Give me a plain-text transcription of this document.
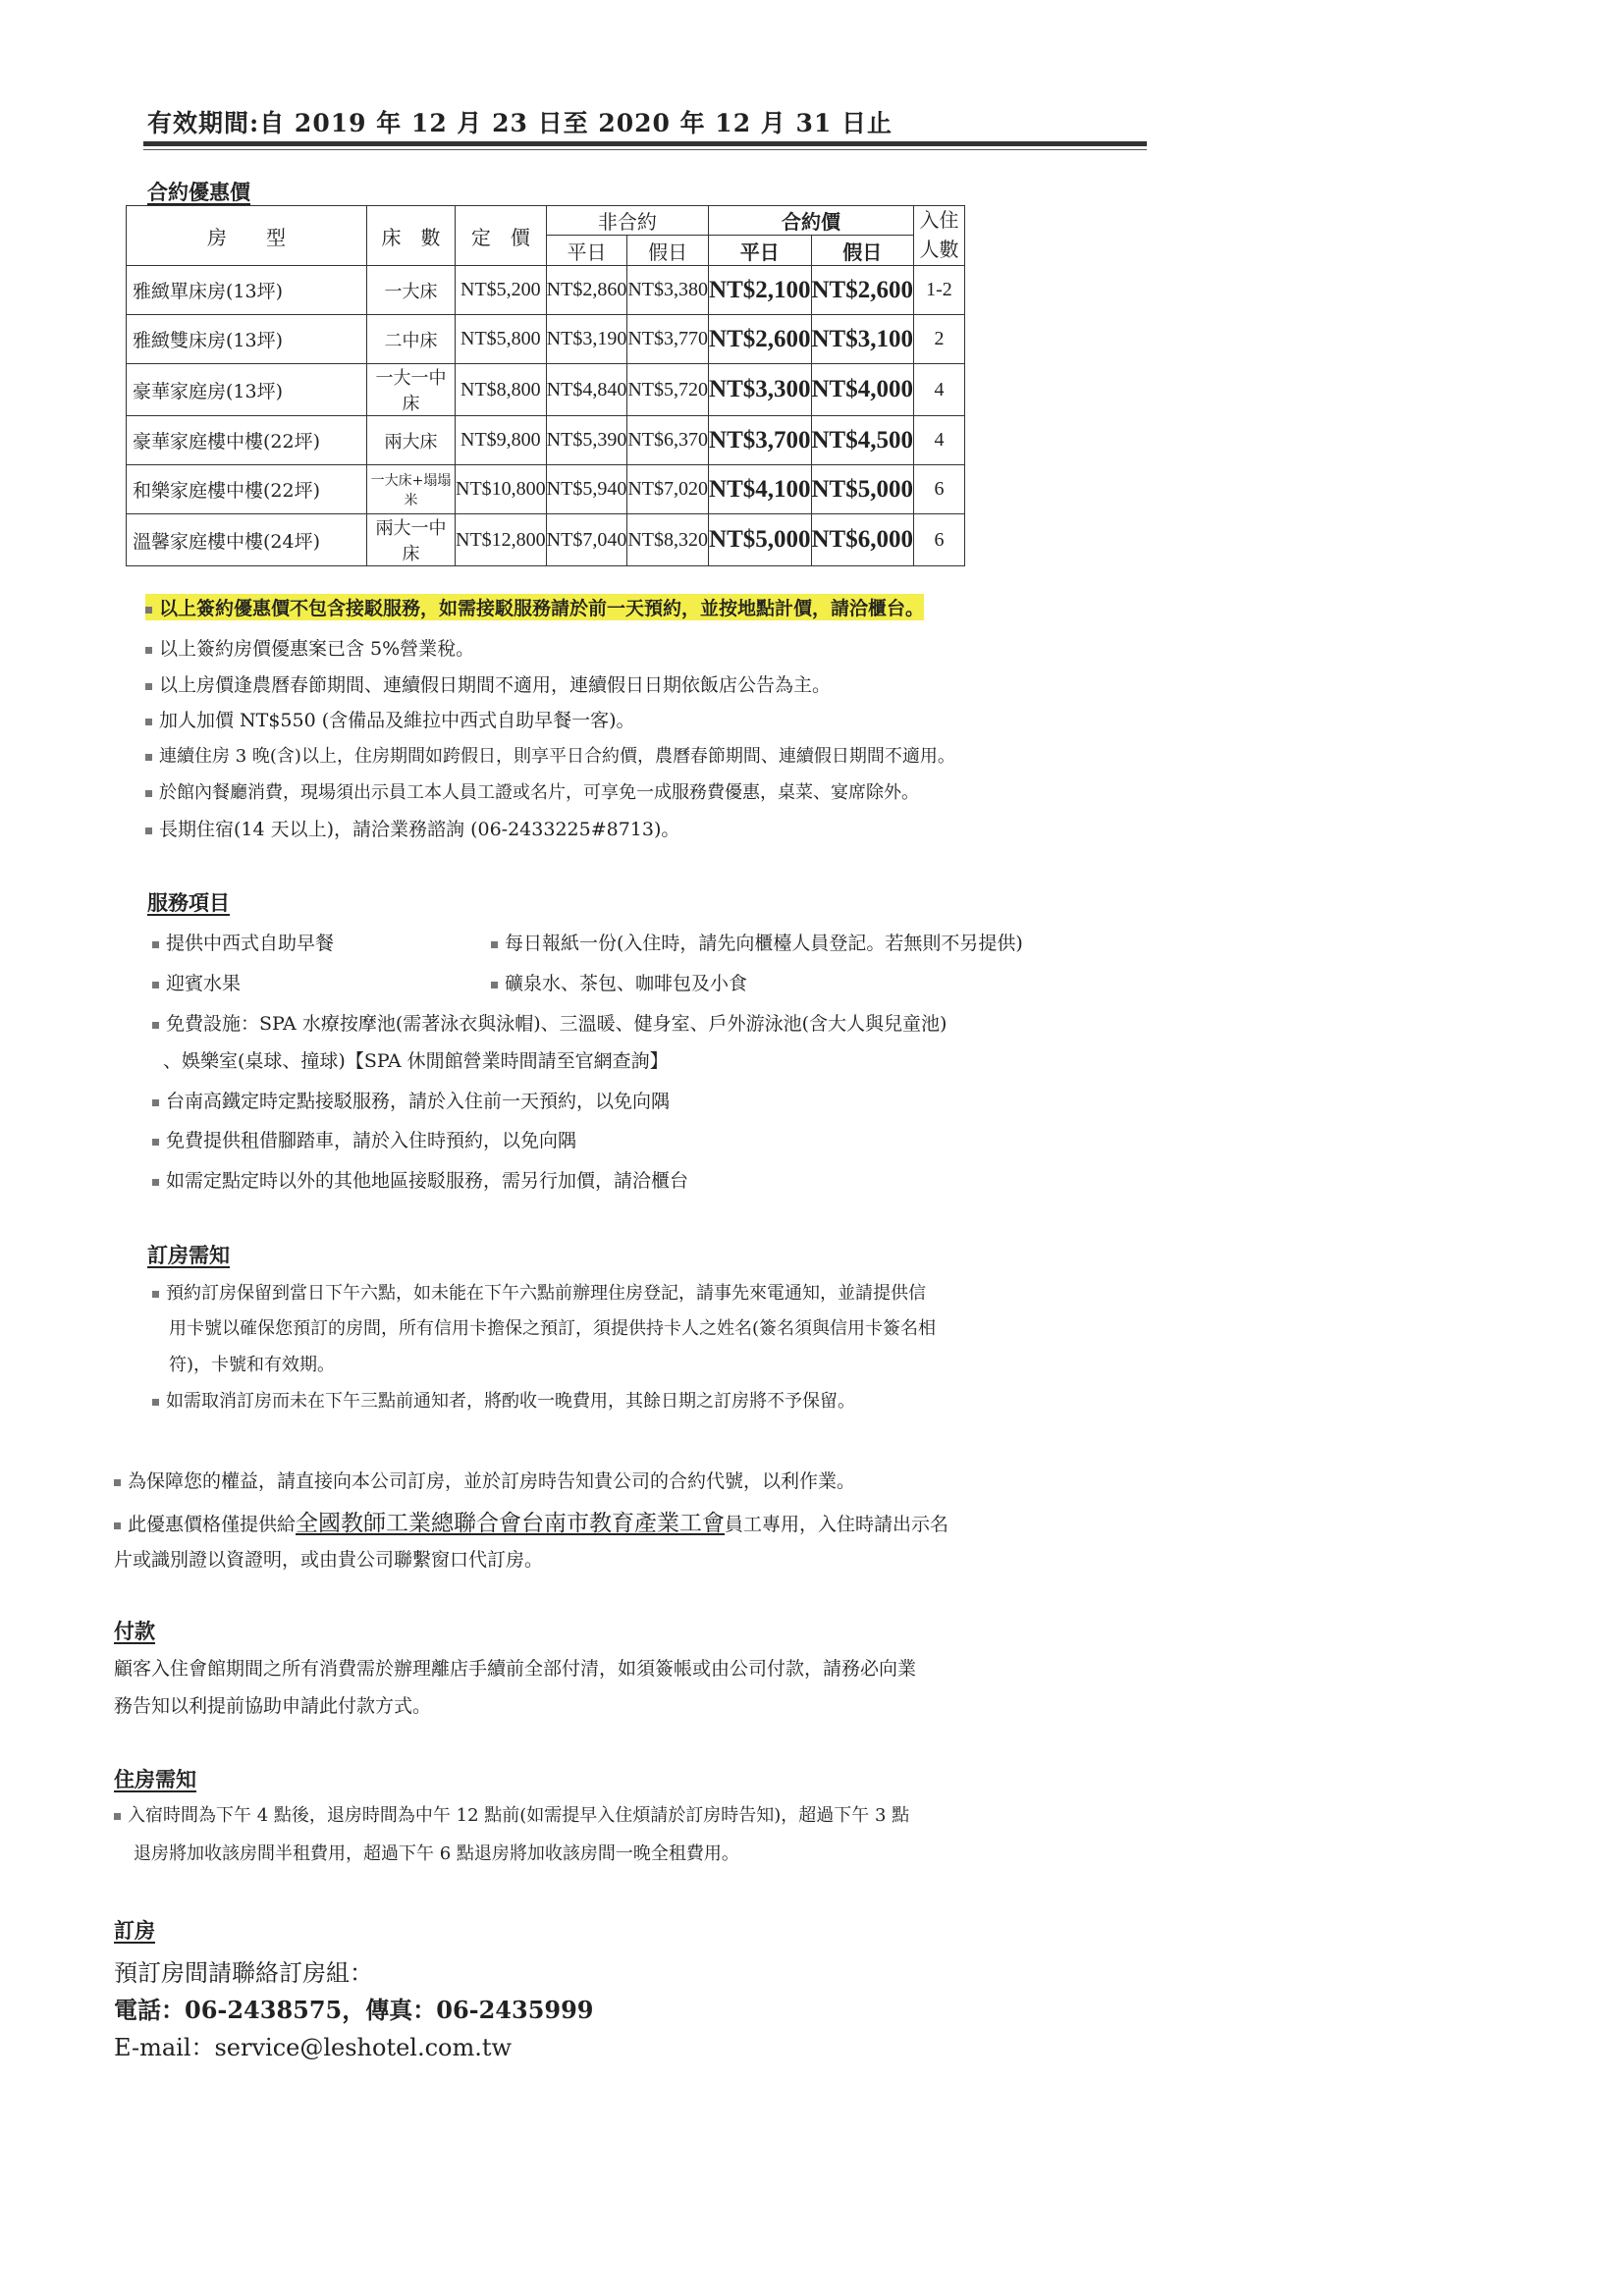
有效期間:自 2019 年 12 月 23 日至 2020 年 12 月 31 日止
合約優惠價
房　　型	床　數	定　價	非合約		合約價		入住人數
			平日	假日	平日	假日	
雅緻單床房(13坪)	一大床	NT$5,200	NT$2,860	NT$3,380	NT$2,100	NT$2,600	1-2
雅緻雙床房(13坪)	二中床	NT$5,800	NT$3,190	NT$3,770	NT$2,600	NT$3,100	2
豪華家庭房(13坪)	一大一中床	NT$8,800	NT$4,840	NT$5,720	NT$3,300	NT$4,000	4
豪華家庭樓中樓(22坪)	兩大床	NT$9,800	NT$5,390	NT$6,370	NT$3,700	NT$4,500	4
和樂家庭樓中樓(22坪)	一大床+塌塌米	NT$10,800	NT$5,940	NT$7,020	NT$4,100	NT$5,000	6
溫馨家庭樓中樓(24坪)	兩大一中床	NT$12,800	NT$7,040	NT$8,320	NT$5,000	NT$6,000	6
以上簽約優惠價不包含接駁服務，如需接駁服務請於前一天預約，並按地點計價，請洽櫃台。
以上簽約房價優惠案已含 5%營業稅。
以上房價逢農曆春節期間、連續假日期間不適用，連續假日日期依飯店公告為主。
加人加價 NT$550 (含備品及維拉中西式自助早餐一客)。
連續住房 3 晚(含)以上，住房期間如跨假日，則享平日合約價，農曆春節期間、連續假日期間不適用。
於館內餐廳消費，現場須出示員工本人員工證或名片，可享免一成服務費優惠，桌菜、宴席除外。
長期住宿(14 天以上)，請洽業務諮詢 (06-2433225#8713)。
服務項目
提供中西式自助早餐	每日報紙一份(入住時，請先向櫃檯人員登記。若無則不另提供)
迎賓水果	礦泉水、茶包、咖啡包及小食
免費設施：SPA 水療按摩池(需著泳衣與泳帽)、三溫暖、健身室、戶外游泳池(含大人與兒童池)
、娛樂室(桌球、撞球)【SPA 休閒館營業時間請至官網查詢】
台南高鐵定時定點接駁服務，請於入住前一天預約，以免向隅
免費提供租借腳踏車，請於入住時預約，以免向隅
如需定點定時以外的其他地區接駁服務，需另行加價，請洽櫃台
訂房需知
預約訂房保留到當日下午六點，如未能在下午六點前辦理住房登記，請事先來電通知，並請提供信
用卡號以確保您預訂的房間，所有信用卡擔保之預訂，須提供持卡人之姓名(簽名須與信用卡簽名相
符)，卡號和有效期。
如需取消訂房而未在下午三點前通知者，將酌收一晚費用，其餘日期之訂房將不予保留。
為保障您的權益，請直接向本公司訂房，並於訂房時告知貴公司的合約代號，以利作業。
此優惠價格僅提供給全國教師工業總聯合會台南市教育產業工會員工專用，入住時請出示名
片或識別證以資證明，或由貴公司聯繫窗口代訂房。
付款
顧客入住會館期間之所有消費需於辦理離店手續前全部付清，如須簽帳或由公司付款，請務必向業
務告知以利提前協助申請此付款方式。
住房需知
入宿時間為下午 4 點後，退房時間為中午 12 點前(如需提早入住煩請於訂房時告知)，超過下午 3 點
退房將加收該房間半租費用，超過下午 6 點退房將加收該房間一晚全租費用。
訂房
預訂房間請聯絡訂房組：
電話：06-2438575，傳真：06-2435999
E-mail：service@leshotel.com.tw
